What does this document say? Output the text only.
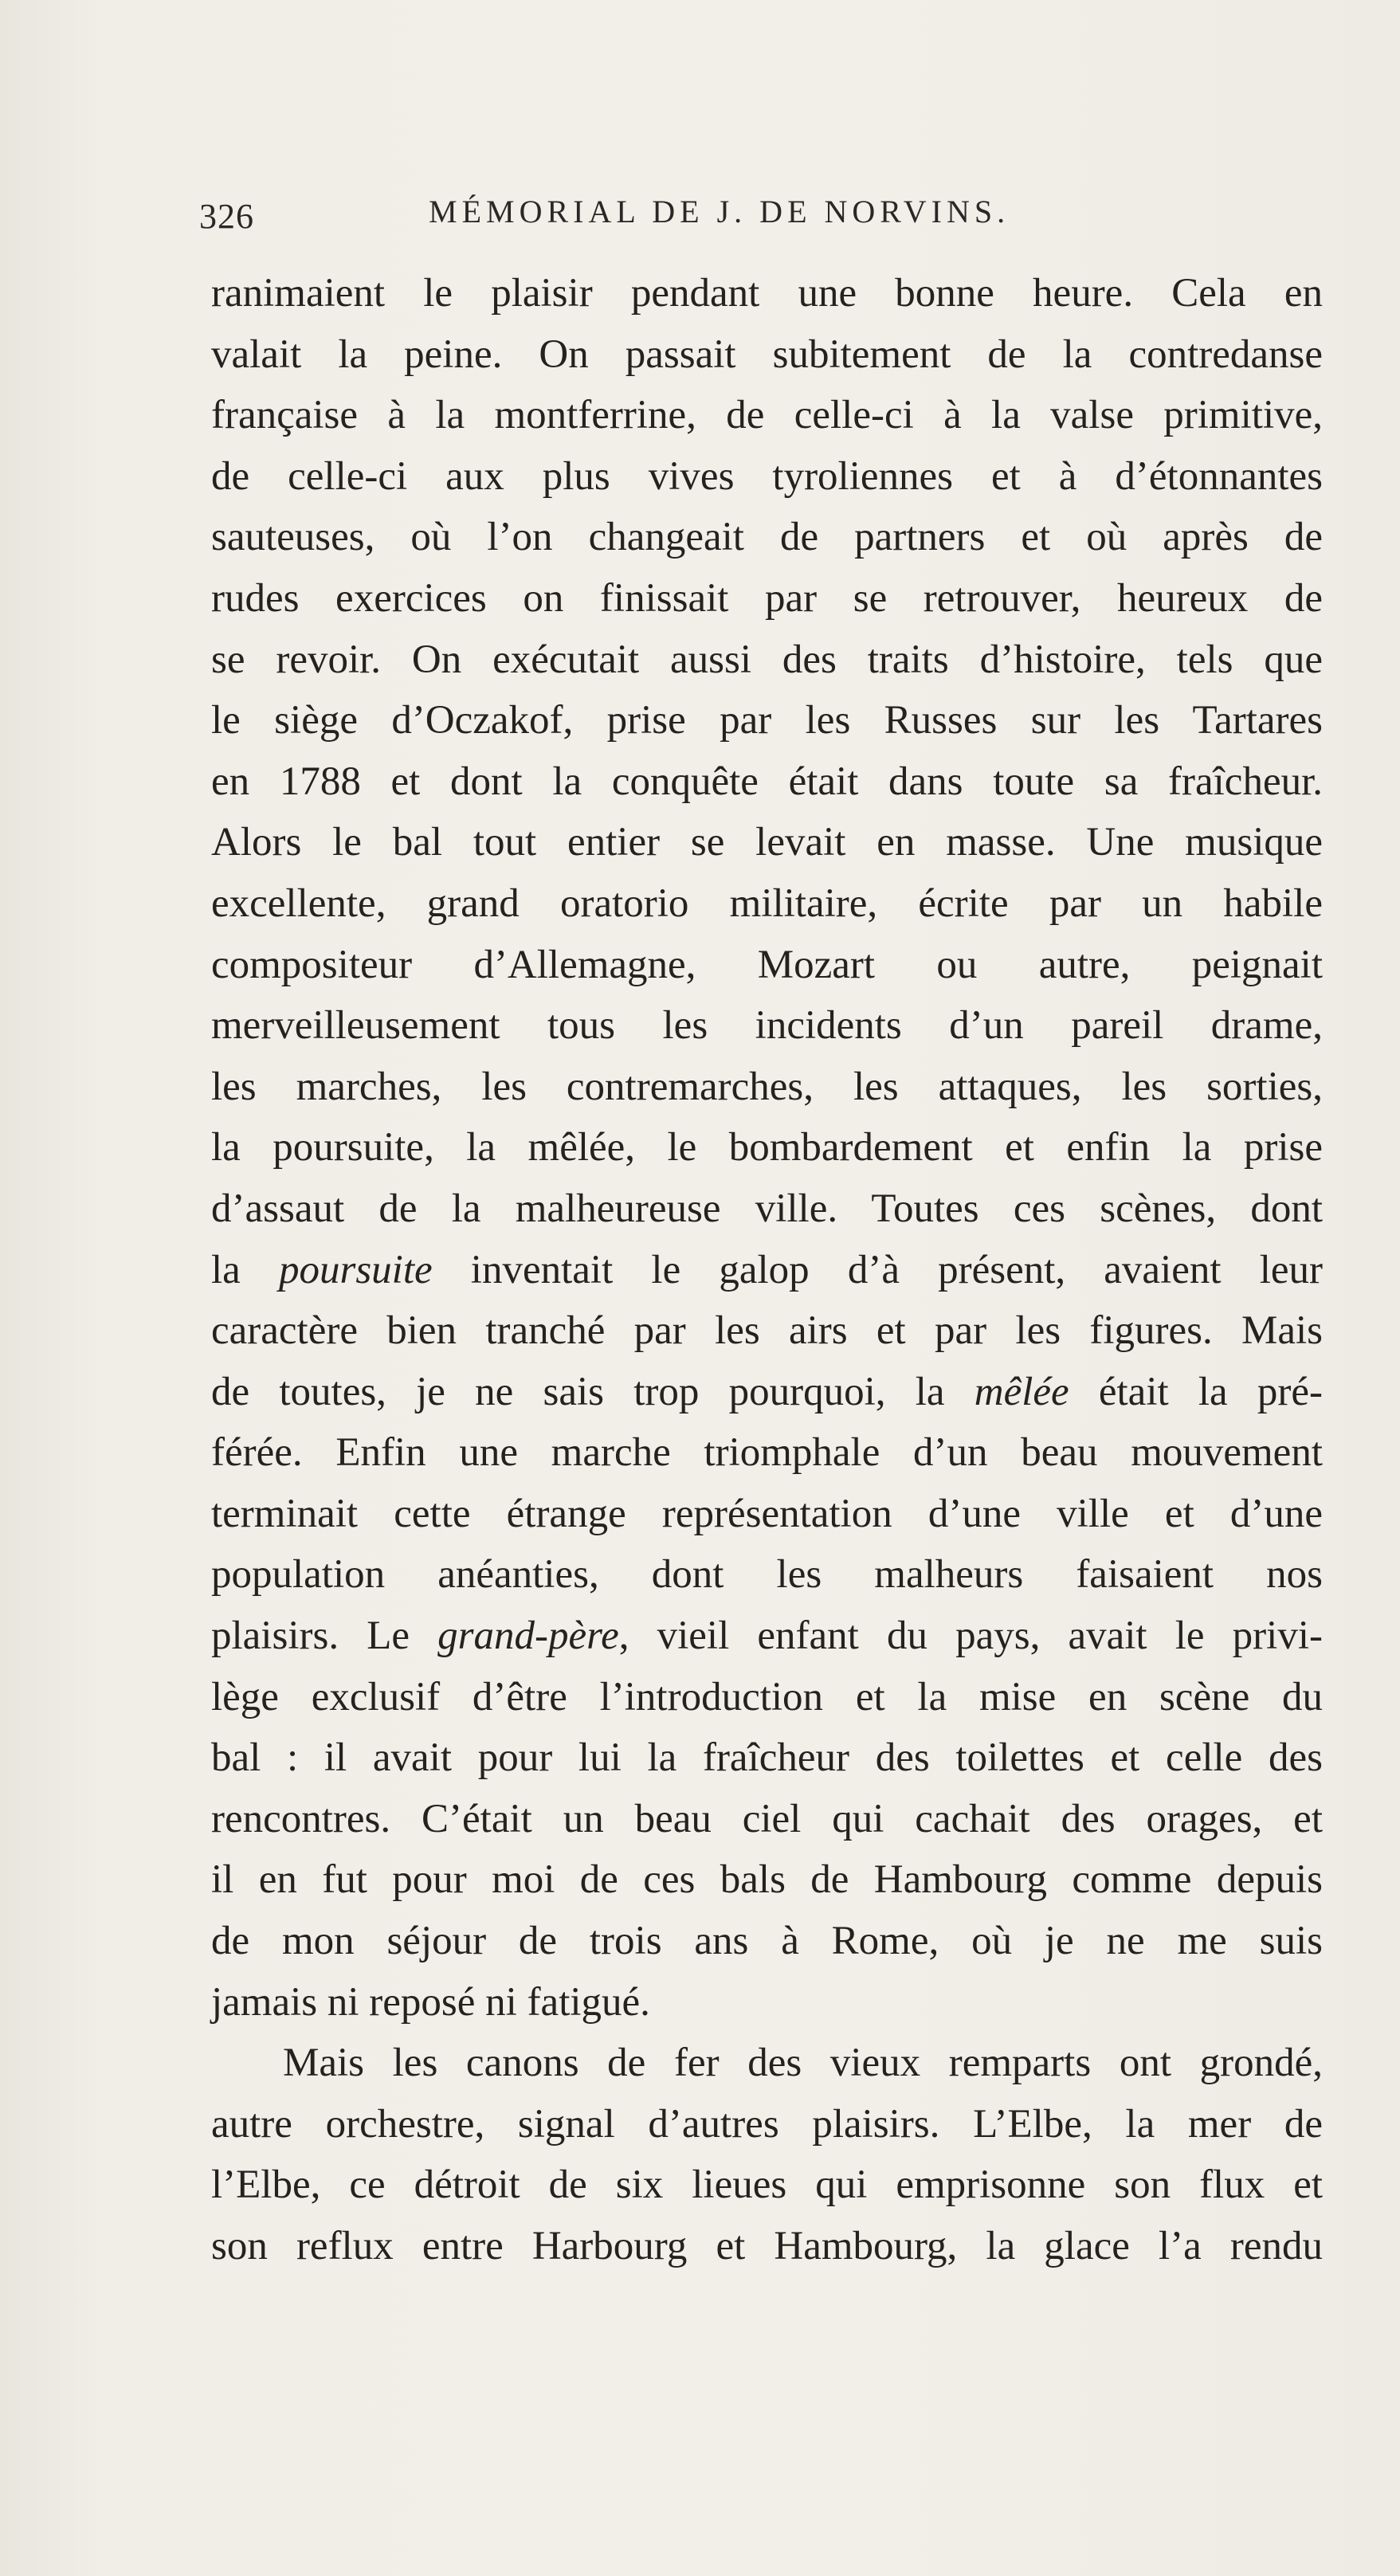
326	MÉMORIAL DE J. DE NORVINS.
ranimaient le plaisir pendant une bonne heure. Cela en
valait la peine. On passait subitement de la contredanse
française à la montferrine, de celle-ci à la valse primitive,
de celle-ci aux plus vives tyroliennes et à d’étonnantes
sauteuses, où l’on changeait de partners et où après de
rudes exercices on finissait par se retrouver, heureux de
se revoir. On exécutait aussi des traits d’histoire, tels que
le siège d’Oczakof, prise par les Russes sur les Tartares
en 1788 et dont la conquête était dans toute sa fraîcheur.
Alors le bal tout entier se levait en masse. Une musique
excellente, grand oratorio militaire, écrite par un habile
compositeur d’Allemagne, Mozart ou autre, peignait
merveilleusement tous les incidents d’un pareil drame,
les marches, les contremarches, les attaques, les sorties,
la poursuite, la mêlée, le bombardement et enfin la prise
d’assaut de la malheureuse ville. Toutes ces scènes, dont
la poursuite inventait le galop d’à présent, avaient leur
caractère bien tranché par les airs et par les figures. Mais
de toutes, je ne sais trop pourquoi, la mêlée était la pré-
férée. Enfin une marche triomphale d’un beau mouvement
terminait cette étrange représentation d’une ville et d’une
population anéanties, dont les malheurs faisaient nos
plaisirs. Le grand-père, vieil enfant du pays, avait le privi-
lège exclusif d’être l’introduction et la mise en scène du
bal : il avait pour lui la fraîcheur des toilettes et celle des
rencontres. C’était un beau ciel qui cachait des orages, et
il en fut pour moi de ces bals de Hambourg comme depuis
de mon séjour de trois ans à Rome, où je ne me suis
jamais ni reposé ni fatigué.
Mais les canons de fer des vieux remparts ont grondé,
autre orchestre, signal d’autres plaisirs. L’Elbe, la mer de
l’Elbe, ce détroit de six lieues qui emprisonne son flux et
son reflux entre Harbourg et Hambourg, la glace l’a rendu
